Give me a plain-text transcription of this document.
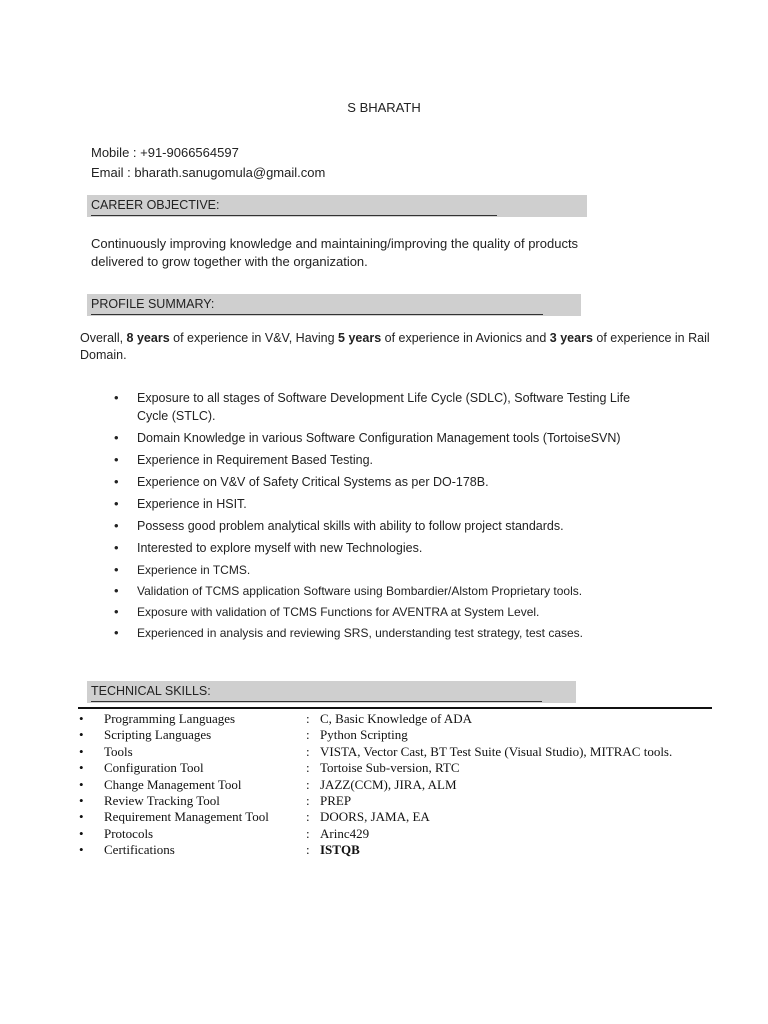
S BHARATH
Mobile : +91-9066564597
Email : bharath.sanugomula@gmail.com
CAREER OBJECTIVE:
Continuously improving knowledge and maintaining/improving the quality of products
delivered to grow together with the organization.
PROFILE SUMMARY:
Overall, 8 years of experience in V&V, Having 5 years of experience in Avionics and 3 years of experience in Rail Domain.
• Exposure to all stages of Software Development Life Cycle (SDLC), Software Testing Life Cycle (STLC).
• Domain Knowledge in various Software Configuration Management tools (TortoiseSVN)
• Experience in Requirement Based Testing.
• Experience on V&V of Safety Critical Systems as per DO-178B.
• Experience in HSIT.
• Possess good problem analytical skills with ability to follow project standards.
• Interested to explore myself with new Technologies.
• Experience in TCMS.
• Validation of TCMS application Software using Bombardier/Alstom Proprietary tools.
• Exposure with validation of TCMS Functions for AVENTRA at System Level.
• Experienced in analysis and reviewing SRS, understanding test strategy, test cases.
TECHNICAL SKILLS:
•	Programming Languages	:	C, Basic Knowledge of ADA
•	Scripting Languages	:	Python Scripting
•	Tools	:	VISTA, Vector Cast, BT Test Suite (Visual Studio), MITRAC tools.
•	Configuration Tool	:	Tortoise Sub-version, RTC
•	Change Management Tool	:	JAZZ(CCM), JIRA, ALM
•	Review Tracking Tool	:	PREP
•	Requirement Management Tool	:	DOORS, JAMA, EA
•	Protocols	:	Arinc429
•	Certifications	:	ISTQB
